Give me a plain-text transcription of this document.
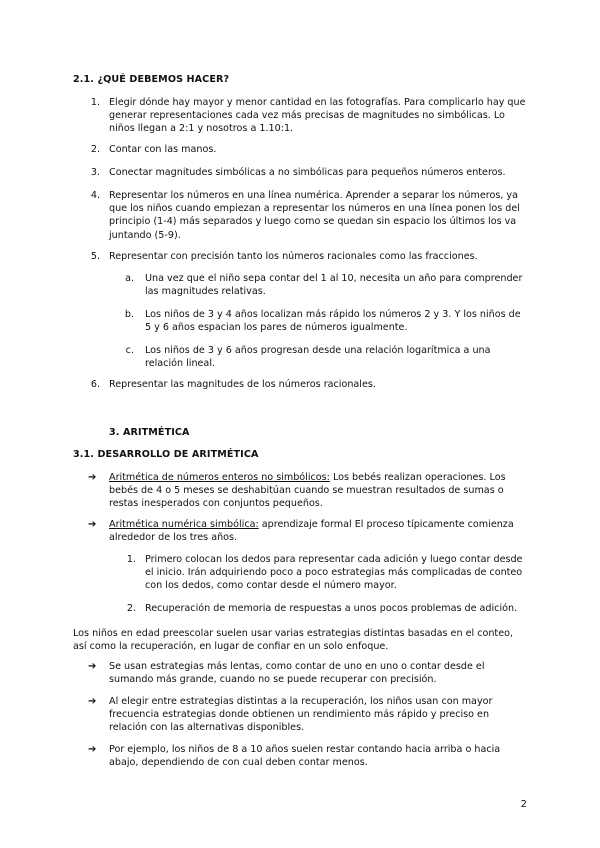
2.1. ¿QUÉ DEBEMOS HACER?
1. Elegir dónde hay mayor y menor cantidad en las fotografías. Para complicarlo hay que generar representaciones cada vez más precisas de magnitudes no simbólicas. Lo niños llegan a 2:1 y nosotros a 1.10:1.
2. Contar con las manos.
3. Conectar magnitudes simbólicas a no simbólicas para pequeños números enteros.
4. Representar los números en una línea numérica. Aprender a separar los números, ya que los niños cuando empiezan a representar los números en una línea ponen los del principio (1-4) más separados y luego como se quedan sin espacio los últimos los va juntando (5-9).
5. Representar con precisión tanto los números racionales como las fracciones.
a. Una vez que el niño sepa contar del 1 al 10, necesita un año para comprender las magnitudes relativas.
b. Los niños de 3 y 4 años localizan más rápido los números 2 y 3. Y los niños de 5 y 6 años espacian los pares de números igualmente.
c. Los niños de 3 y 6 años progresan desde una relación logarítmica a una relación lineal.
6. Representar las magnitudes de los números racionales.
3. ARITMÉTICA
3.1. DESARROLLO DE ARITMÉTICA
➔ Aritmética de números enteros no simbólicos: Los bebés realizan operaciones. Los bebés de 4 o 5 meses se deshabitúan cuando se muestran resultados de sumas o restas inesperados con conjuntos pequeños.
➔ Aritmética numérica simbólica: aprendizaje formal El proceso típicamente comienza alrededor de los tres años.
1. Primero colocan los dedos para representar cada adición y luego contar desde el inicio. Irán adquiriendo poco a poco estrategias más complicadas de conteo con los dedos, como contar desde el número mayor.
2. Recuperación de memoria de respuestas a unos pocos problemas de adición.
Los niños en edad preescolar suelen usar varias estrategias distintas basadas en el conteo, así como la recuperación, en lugar de confiar en un solo enfoque.
➔ Se usan estrategias más lentas, como contar de uno en uno o contar desde el sumando más grande, cuando no se puede recuperar con precisión.
➔ Al elegir entre estrategias distintas a la recuperación, los niños usan con mayor frecuencia estrategias donde obtienen un rendimiento más rápido y preciso en relación con las alternativas disponibles.
➔ Por ejemplo, los niños de 8 a 10 años suelen restar contando hacia arriba o hacia abajo, dependiendo de con cual deben contar menos.
2
